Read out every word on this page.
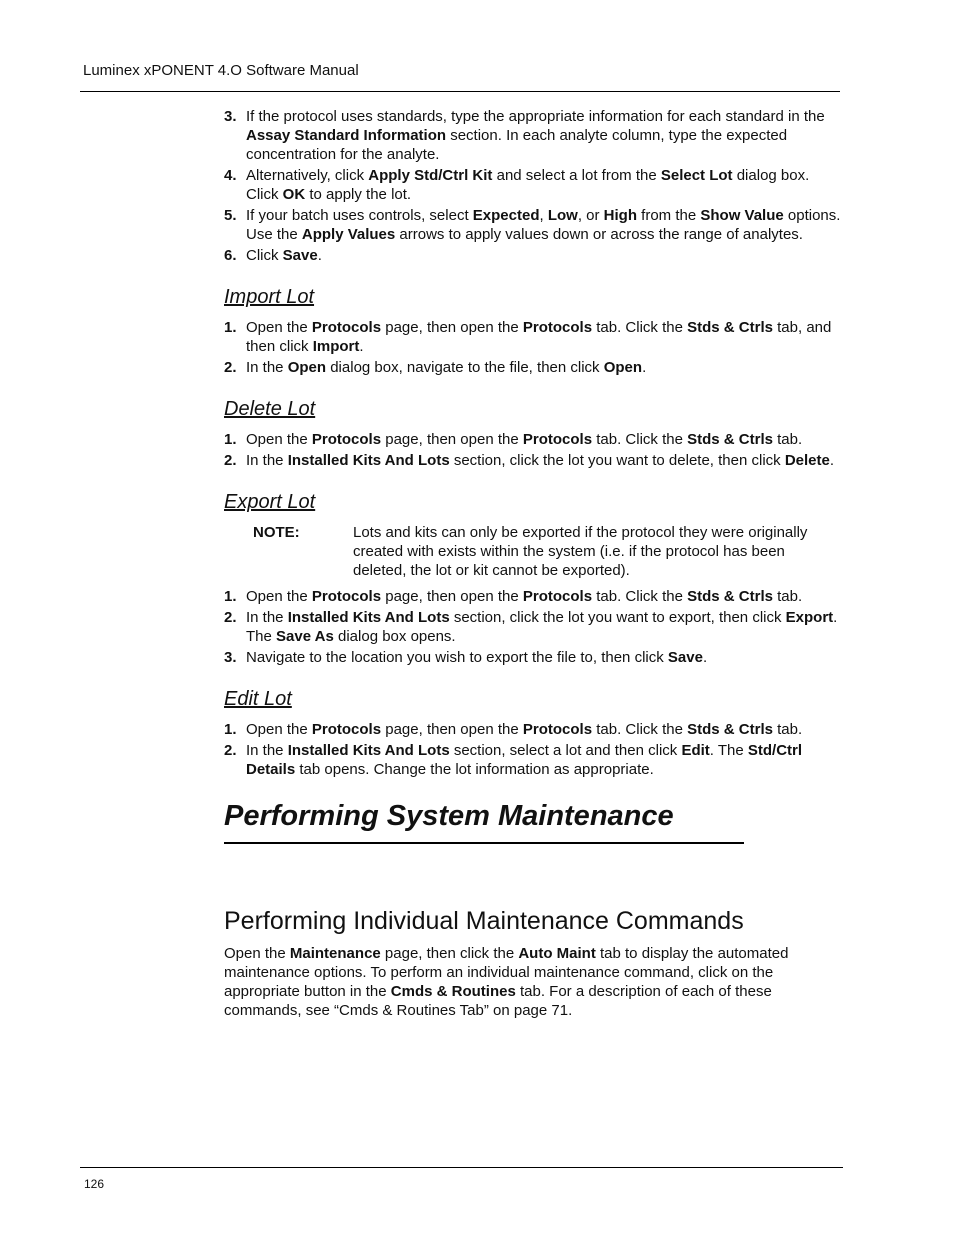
Luminex xPONENT 4.O Software Manual
3. If the protocol uses standards, type the appropriate information for each standard in the Assay Standard Information section. In each analyte column, type the expected concentration for the analyte.
4. Alternatively, click Apply Std/Ctrl Kit and select a lot from the Select Lot dialog box. Click OK to apply the lot.
5. If your batch uses controls, select Expected, Low, or High from the Show Value options. Use the Apply Values arrows to apply values down or across the range of analytes.
6. Click Save.
Import Lot
1. Open the Protocols page, then open the Protocols tab. Click the Stds & Ctrls tab, and then click Import.
2. In the Open dialog box, navigate to the file, then click Open.
Delete Lot
1. Open the Protocols page, then open the Protocols tab. Click the Stds & Ctrls tab.
2. In the Installed Kits And Lots section, click the lot you want to delete, then click Delete.
Export Lot
NOTE:	Lots and kits can only be exported if the protocol they were originally created with exists within the system (i.e. if the protocol has been deleted, the lot or kit cannot be exported).
1. Open the Protocols page, then open the Protocols tab. Click the Stds & Ctrls tab.
2. In the Installed Kits And Lots section, click the lot you want to export, then click Export. The Save As dialog box opens.
3. Navigate to the location you wish to export the file to, then click Save.
Edit Lot
1. Open the Protocols page, then open the Protocols tab. Click the Stds & Ctrls tab.
2. In the Installed Kits And Lots section, select a lot and then click Edit. The Std/Ctrl Details tab opens. Change the lot information as appropriate.
Performing System Maintenance
Performing Individual Maintenance Commands
Open the Maintenance page, then click the Auto Maint tab to display the automated maintenance options. To perform an individual maintenance command, click on the appropriate button in the Cmds & Routines tab. For a description of each of these commands, see “Cmds & Routines Tab” on page 71.
126
